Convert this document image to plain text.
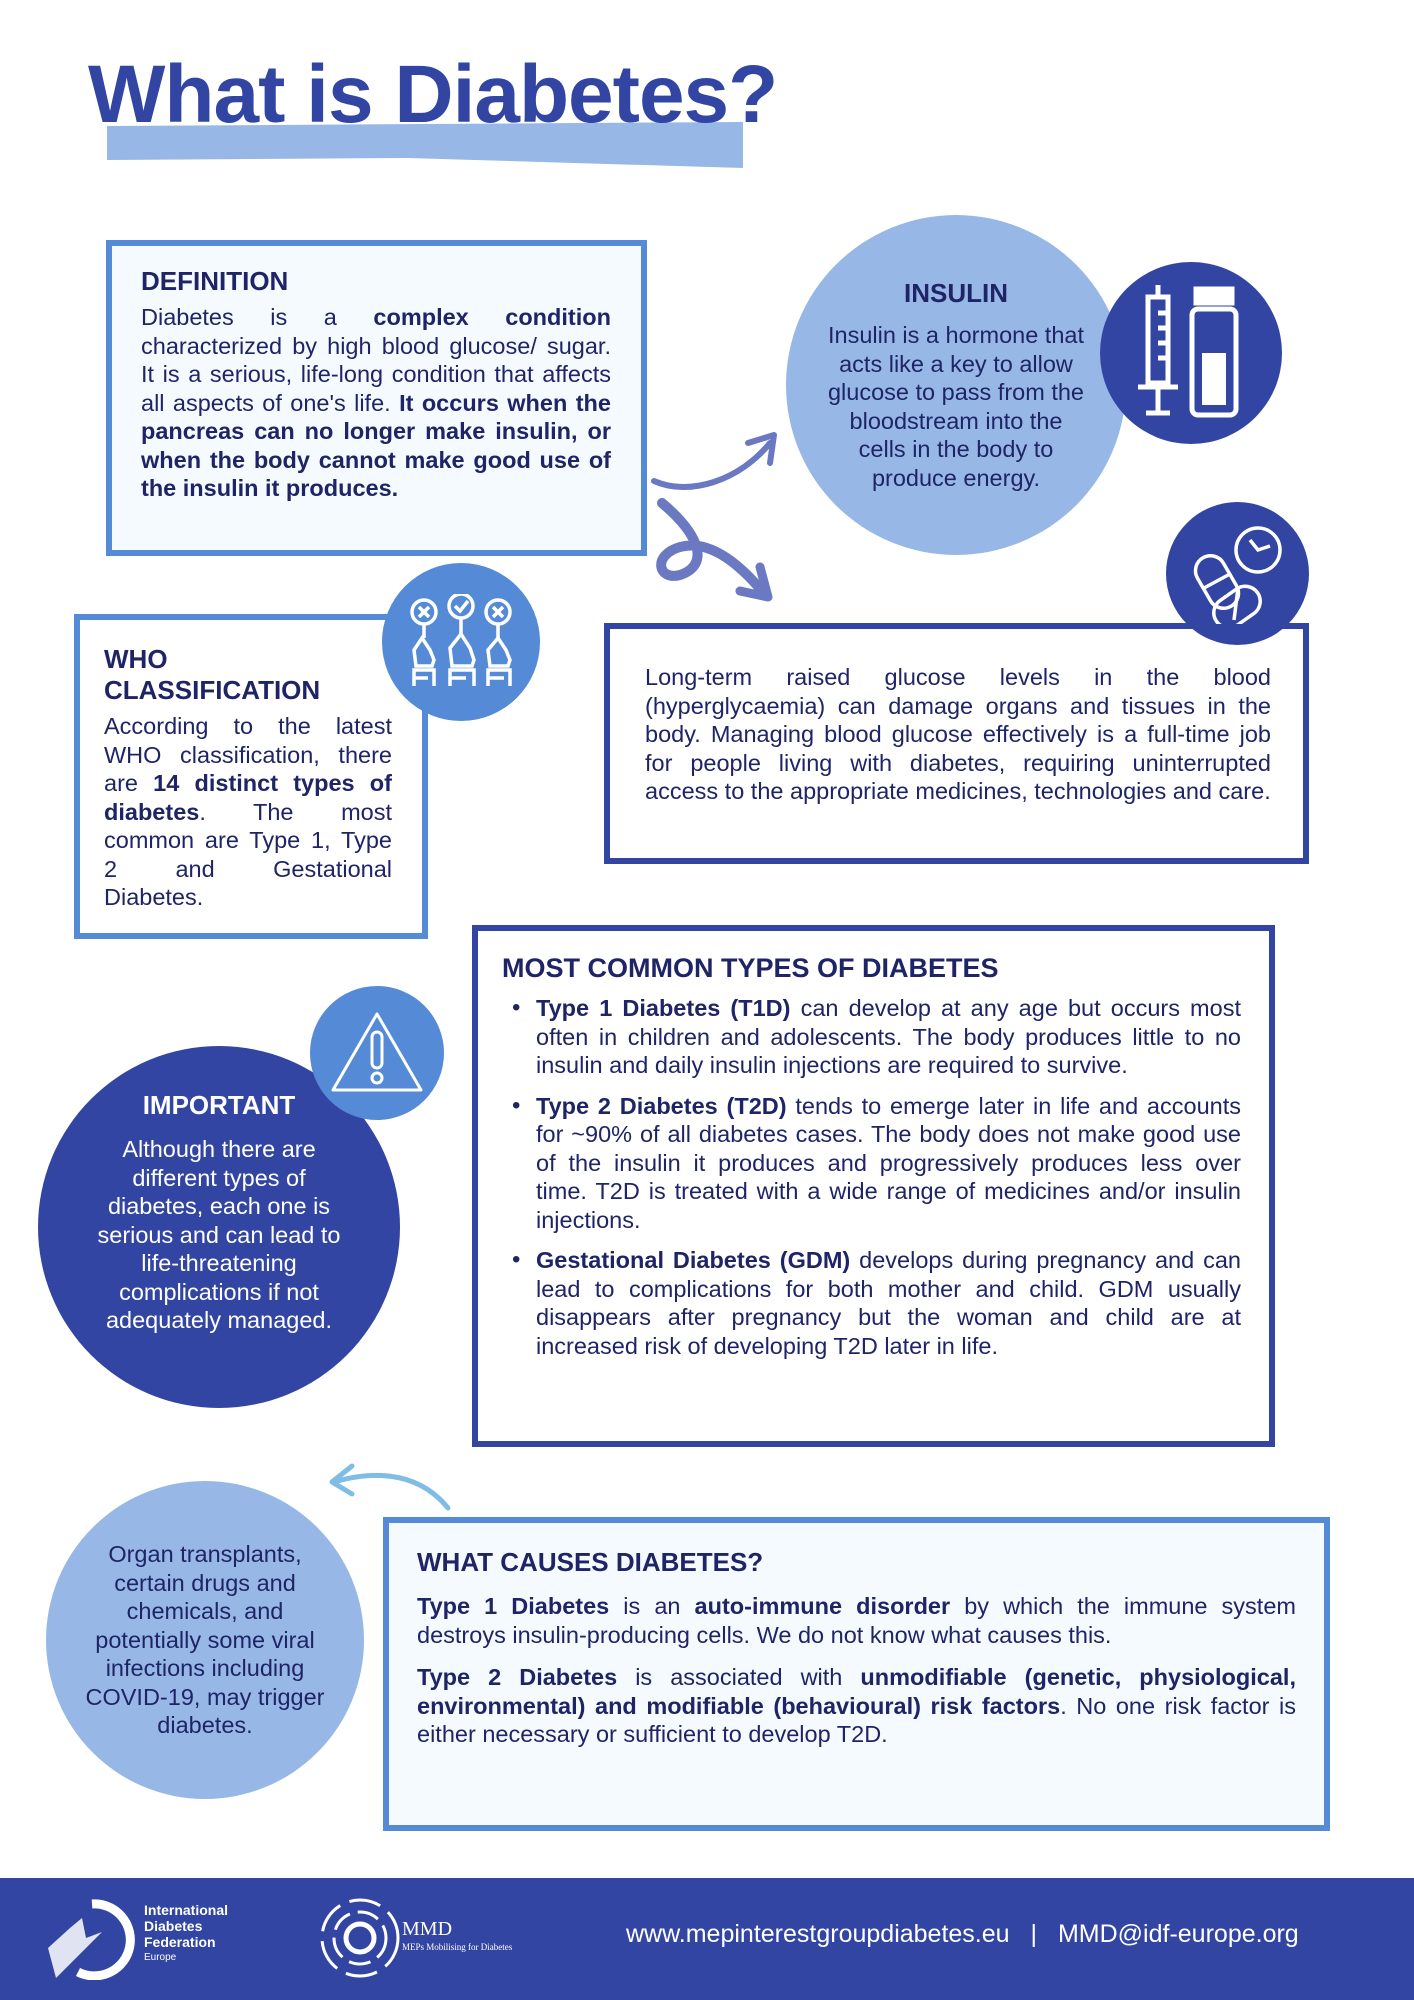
What is Diabetes?
DEFINITION
Diabetes is a complex condition characterized by high blood glucose/ sugar. It is a serious, life-long condition that affects all aspects of one's life. It occurs when the pancreas can no longer make insulin, or when the body cannot make good use of the insulin it produces.
INSULIN
Insulin is a hormone that acts like a key to allow glucose to pass from the bloodstream into the cells in the body to produce energy.
WHO CLASSIFICATION
According to the latest WHO classification, there are 14 distinct types of diabetes. The most common are Type 1, Type 2 and Gestational Diabetes.
Long-term raised glucose levels in the blood (hyperglycaemia) can damage organs and tissues in the body. Managing blood glucose effectively is a full-time job for people living with diabetes, requiring uninterrupted access to the appropriate medicines, technologies and care.
MOST COMMON TYPES OF DIABETES
• Type 1 Diabetes (T1D) can develop at any age but occurs most often in children and adolescents. The body produces little to no insulin and daily insulin injections are required to survive.
• Type 2 Diabetes (T2D) tends to emerge later in life and accounts for ~90% of all diabetes cases. The body does not make good use of the insulin it produces and progressively produces less over time. T2D is treated with a wide range of medicines and/or insulin injections.
• Gestational Diabetes (GDM) develops during pregnancy and can lead to complications for both mother and child. GDM usually disappears after pregnancy but the woman and child are at increased risk of developing T2D later in life.
IMPORTANT
Although there are different types of diabetes, each one is serious and can lead to life-threatening complications if not adequately managed.
Organ transplants, certain drugs and chemicals, and potentially some viral infections including COVID-19, may trigger diabetes.
WHAT CAUSES DIABETES?
Type 1 Diabetes is an auto-immune disorder by which the immune system destroys insulin-producing cells. We do not know what causes this.
Type 2 Diabetes is associated with unmodifiable (genetic, physiological, environmental) and modifiable (behavioural) risk factors. No one risk factor is either necessary or sufficient to develop T2D.
International
Diabetes
Federation
Europe
MMD
MEPs Mobilising for Diabetes	www.mepinterestgroupdiabetes.eu | MMD@idf-europe.org
